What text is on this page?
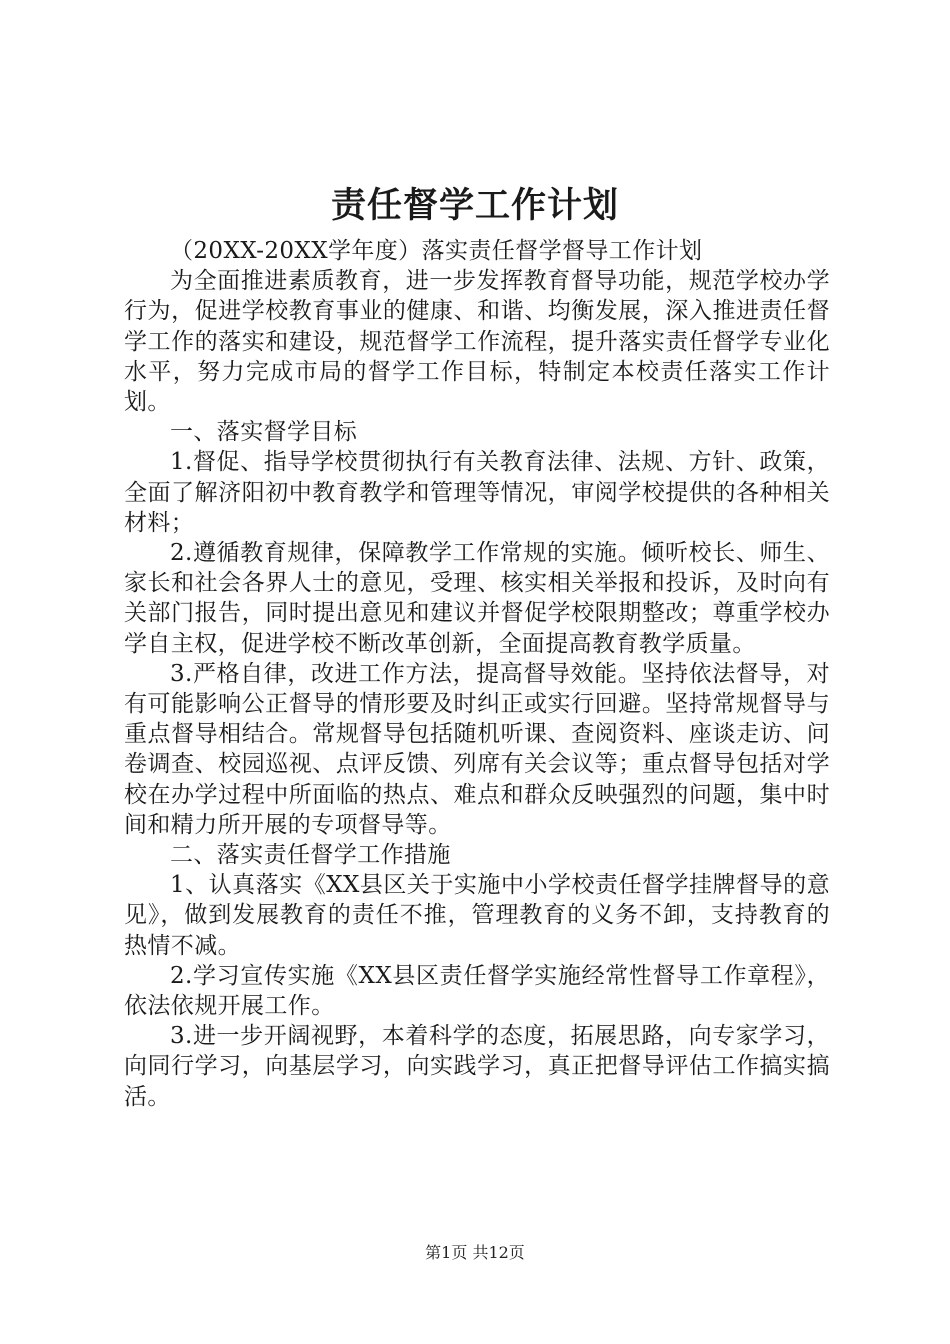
责任督学工作计划

（20XX-20XX学年度）落实责任督学督导工作计划

为全面推进素质教育，进一步发挥教育督导功能，规范学校办学行为，促进学校教育事业的健康、和谐、均衡发展，深入推进责任督学工作的落实和建设，规范督学工作流程，提升落实责任督学专业化水平，努力完成市局的督学工作目标，特制定本校责任落实工作计划。

一、落实督学目标

1.督促、指导学校贯彻执行有关教育法律、法规、方针、政策，全面了解济阳初中教育教学和管理等情况，审阅学校提供的各种相关材料；

2.遵循教育规律，保障教学工作常规的实施。倾听校长、师生、家长和社会各界人士的意见，受理、核实相关举报和投诉，及时向有关部门报告，同时提出意见和建议并督促学校限期整改；尊重学校办学自主权，促进学校不断改革创新，全面提高教育教学质量。

3.严格自律，改进工作方法，提高督导效能。坚持依法督导，对有可能影响公正督导的情形要及时纠正或实行回避。坚持常规督导与重点督导相结合。常规督导包括随机听课、查阅资料、座谈走访、问卷调查、校园巡视、点评反馈、列席有关会议等；重点督导包括对学校在办学过程中所面临的热点、难点和群众反映强烈的问题，集中时间和精力所开展的专项督导等。

二、落实责任督学工作措施

1、认真落实《XX县区关于实施中小学校责任督学挂牌督导的意见》，做到发展教育的责任不推，管理教育的义务不卸，支持教育的热情不减。

2.学习宣传实施《XX县区责任督学实施经常性督导工作章程》，依法依规开展工作。

3.进一步开阔视野，本着科学的态度，拓展思路，向专家学习，向同行学习，向基层学习，向实践学习，真正把督导评估工作搞实搞活。

第1页 共12页
